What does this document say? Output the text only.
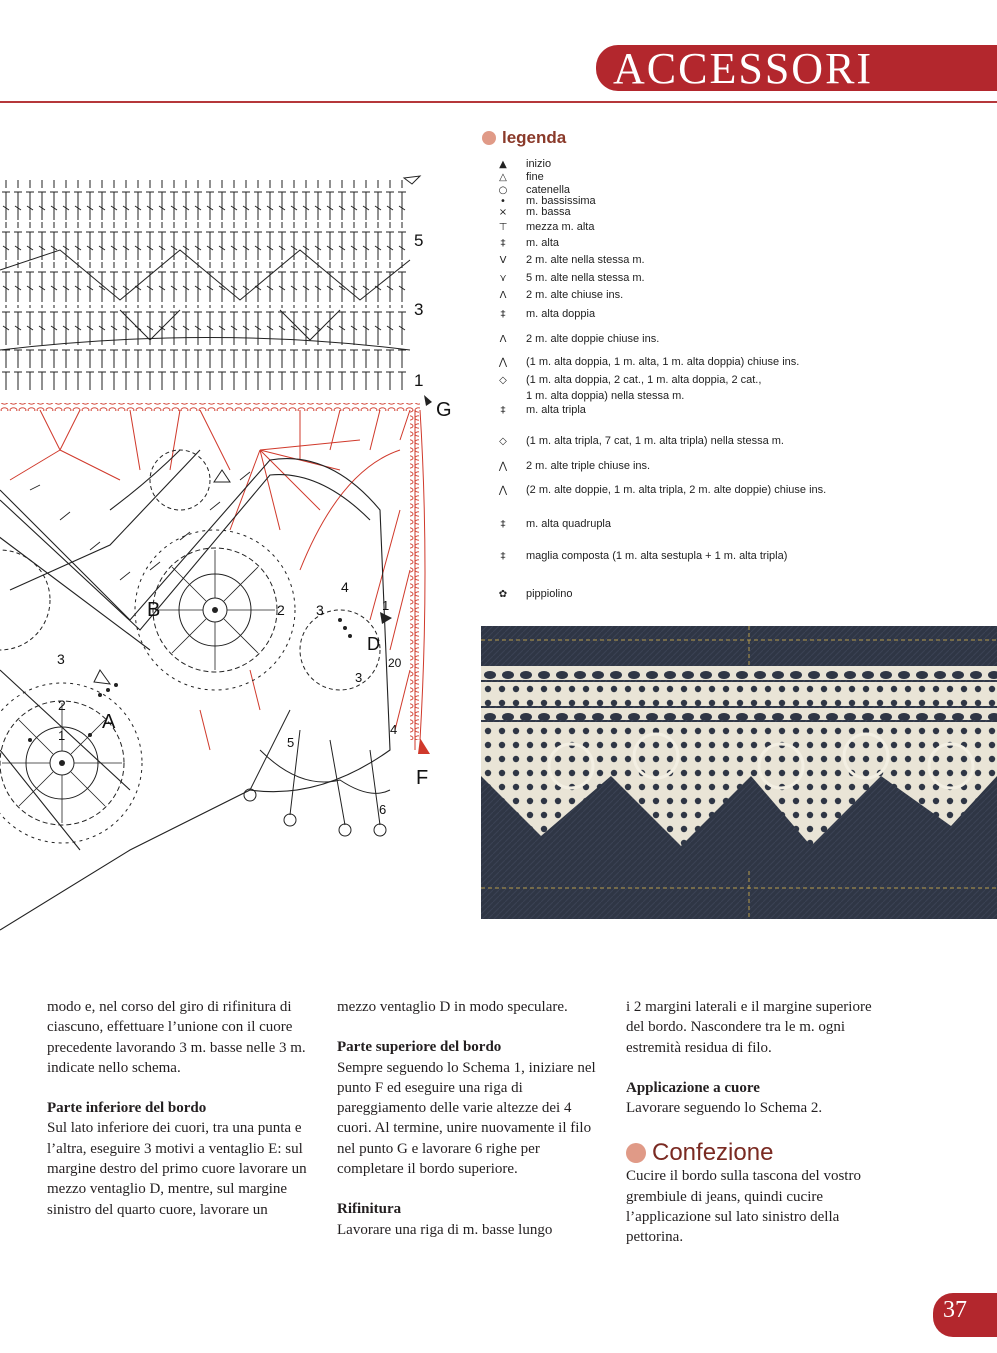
ACCESSORI
5
3
1
G
B
A
D
F
2 3
4
1
3
2
1
20
3
4
5
6
legenda
▲	inizio
△	fine
○	catenella
•	m. bassissima
×	m. bassa
⊤	mezza m. alta
‡	m. alta
V	2 m. alte nella stessa m.
⋎	5 m. alte nella stessa m.
Λ	2 m. alte chiuse ins.
‡	m. alta doppia
Λ	2 m. alte doppie chiuse ins.
⋀	(1 m. alta doppia, 1 m. alta, 1 m. alta doppia) chiuse ins.
◇	(1 m. alta doppia, 2 cat., 1 m. alta doppia, 2 cat.,
1 m. alta doppia) nella stessa m.
‡	m. alta tripla
◇	(1 m. alta tripla, 7 cat, 1 m. alta tripla) nella stessa m.
⋀	2 m. alte triple chiuse ins.
⋀	(2 m. alte doppie, 1 m. alta tripla, 2 m. alte doppie) chiuse ins.
‡	m. alta quadrupla
‡	maglia composta (1 m. alta sestupla + 1 m. alta tripla)
✿	pippiolino

modo e, nel corso del giro di rifinitura di ciascuno, effettuare l’unione con il cuore precedente lavorando 3 m. basse nelle 3 m. indicate nello schema.

Parte inferiore del bordo

Sul lato inferiore dei cuori, tra una punta e l’altra, eseguire 3 motivi a ventaglio E: sul margine destro del primo cuore lavorare un mezzo ventaglio D, mentre, sul margine sinistro del quarto cuore, lavorare un

mezzo ventaglio D in modo speculare.

Parte superiore del bordo

Sempre seguendo lo Schema 1, iniziare nel punto F ed eseguire una riga di pareggiamento delle varie altezze dei 4 cuori. Al termine, unire nuovamente il filo nel punto G e lavorare 6 righe per completare il bordo superiore.

Rifinitura

Lavorare una riga di m. basse lungo

i 2 margini laterali e il margine superiore del bordo. Nascondere tra le m. ogni estremità residua di filo.

Applicazione a cuore

Lavorare seguendo lo Schema 2.

Confezione

Cucire il bordo sulla tascona del vostro grembiule di jeans, quindi cucire l’applicazione sul lato sinistro della pettorina.

37
